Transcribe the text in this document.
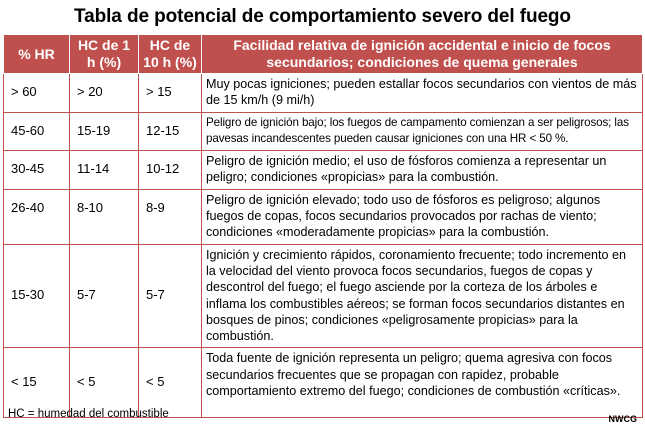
Tabla de potencial de comportamiento severo del fuego
% HR	HC de 1 h (%)	HC de 10 h (%)	Facilidad relativa de ignición accidental e inicio de focos secundarios; condiciones de quema generales
> 60	> 20	> 15	Muy pocas igniciones; pueden estallar focos secundarios con vientos de más de 15 km/h (9 mi/h)
45-60	15-19	12-15	Peligro de ignición bajo; los fuegos de campamento comienzan a ser peligrosos; las pavesas incandescentes pueden causar igniciones con una HR < 50 %.
30-45	11-14	10-12	Peligro de ignición medio; el uso de fósforos comienza a representar un peligro; condiciones «propicias» para la combustión.
26-40	8-10	8-9	Peligro de ignición elevado; todo uso de fósforos es peligroso; algunos fuegos de copas, focos secundarios provocados por rachas de viento; condiciones «moderadamente propicias» para la combustión.
15-30	5-7	5-7	Ignición y crecimiento rápidos, coronamiento frecuente; todo incremento en la velocidad del viento provoca focos secundarios, fuegos de copas y descontrol del fuego; el fuego asciende por la corteza de los árboles e inflama los combustibles aéreos; se forman focos secundarios distantes en bosques de pinos; condiciones «peligrosamente propicias» para la combustión.
< 15	< 5	< 5	Toda fuente de ignición representa un peligro; quema agresiva con focos secundarios frecuentes que se propagan con rapidez, probable comportamiento extremo del fuego; condiciones de combustión «críticas».
HC = humedad del combustible	NWCG
